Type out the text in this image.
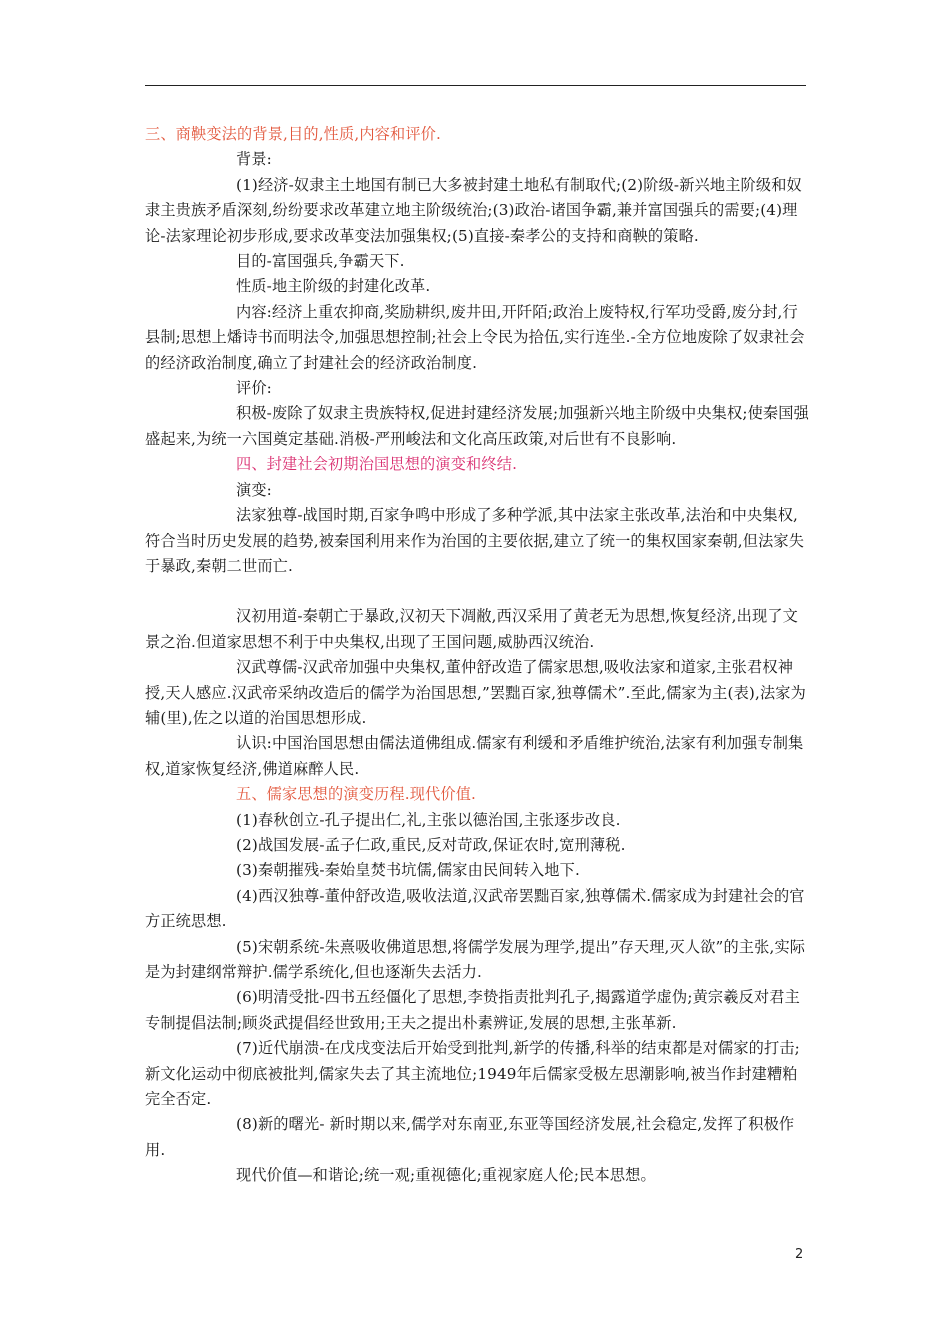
三、商鞅变法的背景,目的,性质,内容和评价.

背景:

(1)经济-奴隶主土地国有制已大多被封建土地私有制取代;(2)阶级-新兴地主阶级和奴隶主贵族矛盾深刻,纷纷要求改革建立地主阶级统治;(3)政治-诸国争霸,兼并富国强兵的需要;(4)理论-法家理论初步形成,要求改革变法加强集权;(5)直接-秦孝公的支持和商鞅的策略.

目的-富国强兵,争霸天下.

性质-地主阶级的封建化改革.

内容:经济上重农抑商,奖励耕织,废井田,开阡陌;政治上废特权,行军功受爵,废分封,行县制;思想上燔诗书而明法令,加强思想控制;社会上令民为拾伍,实行连坐.-全方位地废除了奴隶社会的经济政治制度,确立了封建社会的经济政治制度.

评价:

积极-废除了奴隶主贵族特权,促进封建经济发展;加强新兴地主阶级中央集权;使秦国强盛起来,为统一六国奠定基础.消极-严刑峻法和文化高压政策,对后世有不良影响.

四、封建社会初期治国思想的演变和终结.

演变:

法家独尊-战国时期,百家争鸣中形成了多种学派,其中法家主张改革,法治和中央集权,符合当时历史发展的趋势,被秦国利用来作为治国的主要依据,建立了统一的集权国家秦朝,但法家失于暴政,秦朝二世而亡.

汉初用道-秦朝亡于暴政,汉初天下凋敝,西汉采用了黄老无为思想,恢复经济,出现了文景之治.但道家思想不利于中央集权,出现了王国问题,威胁西汉统治.

汉武尊儒-汉武帝加强中央集权,董仲舒改造了儒家思想,吸收法家和道家,主张君权神授,天人感应.汉武帝采纳改造后的儒学为治国思想,”罢黜百家,独尊儒术”.至此,儒家为主(表),法家为辅(里),佐之以道的治国思想形成.

认识:中国治国思想由儒法道佛组成.儒家有利缓和矛盾维护统治,法家有利加强专制集权,道家恢复经济,佛道麻醉人民.

五、儒家思想的演变历程.现代价值.

(1)春秋创立-孔子提出仁,礼,主张以德治国,主张逐步改良.

(2)战国发展-孟子仁政,重民,反对苛政,保证农时,宽刑薄税.

(3)秦朝摧残-秦始皇焚书坑儒,儒家由民间转入地下.

(4)西汉独尊-董仲舒改造,吸收法道,汉武帝罢黜百家,独尊儒术.儒家成为封建社会的官方正统思想.

(5)宋朝系统-朱熹吸收佛道思想,将儒学发展为理学,提出”存天理,灭人欲”的主张,实际是为封建纲常辩护.儒学系统化,但也逐渐失去活力.

(6)明清受批-四书五经僵化了思想,李贽指责批判孔子,揭露道学虚伪;黄宗羲反对君主专制提倡法制;顾炎武提倡经世致用;王夫之提出朴素辨证,发展的思想,主张革新.

(7)近代崩溃-在戊戌变法后开始受到批判,新学的传播,科举的结束都是对儒家的打击;新文化运动中彻底被批判,儒家失去了其主流地位;1949年后儒家受极左思潮影响,被当作封建糟粕完全否定.

(8)新的曙光- 新时期以来,儒学对东南亚,东亚等国经济发展,社会稳定,发挥了积极作用.

现代价值—和谐论;统一观;重视德化;重视家庭人伦;民本思想。

2
